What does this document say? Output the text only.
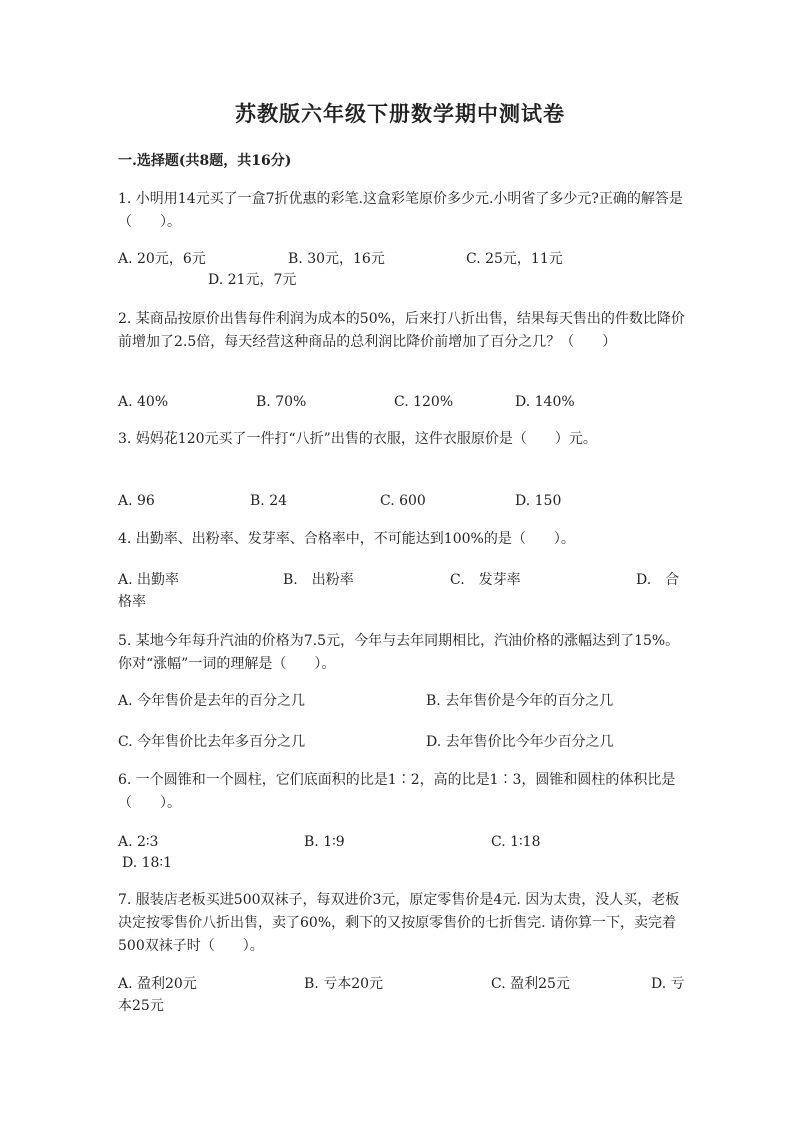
苏教版六年级下册数学期中测试卷
一.选择题(共8题，共16分)
1. 小明用14元买了一盒7折优惠的彩笔.这盒彩笔原价多少元.小明省了多少元?正确的解答是（　　）。
A. 20元，6元	B. 30元，16元	C. 25元，11元
D. 21元，7元
2. 某商品按原价出售每件利润为成本的50%，后来打八折出售，结果每天售出的件数比降价前增加了2.5倍，每天经营这种商品的总利润比降价前增加了百分之几？（　　）
A. 40%	B. 70%	C. 120%	D. 140%
3. 妈妈花120元买了一件打“八折”出售的衣服，这件衣服原价是（　　）元。
A. 96	B. 24	C. 600	D. 150
4. 出勤率、出粉率、发芽率、合格率中，不可能达到100%的是（　　）。
A. 出勤率	B.　出粉率	C.　发芽率	D.　合格率
5. 某地今年每升汽油的价格为7.5元，今年与去年同期相比，汽油价格的涨幅达到了15%。你对“涨幅”一词的理解是（　　）。
A. 今年售价是去年的百分之几	B. 去年售价是今年的百分之几
C. 今年售价比去年多百分之几	D. 去年售价比今年少百分之几
6. 一个圆锥和一个圆柱，它们底面积的比是1∶2，高的比是1∶3，圆锥和圆柱的体积比是（　　）。
A. 2∶3	B. 1∶9	C. 1∶18
D. 18∶1
7. 服装店老板买进500双袜子，每双进价3元，原定零售价是4元. 因为太贵，没人买，老板决定按零售价八折出售，卖了60%，剩下的又按原零售价的七折售完. 请你算一下，卖完着500双袜子时（　　）。
A. 盈利20元	B. 亏本20元	C. 盈利25元	D. 亏本25元
